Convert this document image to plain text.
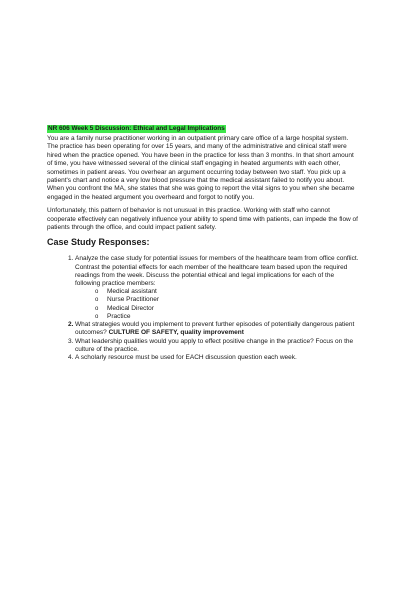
NR 606 Week 5 Discussion: Ethical and Legal Implications

You are a family nurse practitioner working in an outpatient primary care office of a large hospital system. The practice has been operating for over 15 years, and many of the administrative and clinical staff were hired when the practice opened. You have been in the practice for less than 3 months. In that short amount of time, you have witnessed several of the clinical staff engaging in heated arguments with each other, sometimes in patient areas. You overhear an argument occurring today between two staff. You pick up a patient's chart and notice a very low blood pressure that the medical assistant failed to notify you about. When you confront the MA, she states that she was going to report the vital signs to you when she became engaged in the heated argument you overheard and forgot to notify you.

Unfortunately, this pattern of behavior is not unusual in this practice. Working with staff who cannot cooperate effectively can negatively influence your ability to spend time with patients, can impede the flow of patients through the office, and could impact patient safety.

Case Study Responses:
1. Analyze the case study for potential issues for members of the healthcare team from office conflict. Contrast the potential effects for each member of the healthcare team based upon the required readings from the week. Discuss the potential ethical and legal implications for each of the following practice members:
o Medical assistant
o Nurse Practitioner
o Medical Director
o Practice
2. What strategies would you implement to prevent further episodes of potentially dangerous patient outcomes? CULTURE OF SAFETY, quality improvement
3. What leadership qualities would you apply to effect positive change in the practice? Focus on the culture of the practice.
4. A scholarly resource must be used for EACH discussion question each week.
